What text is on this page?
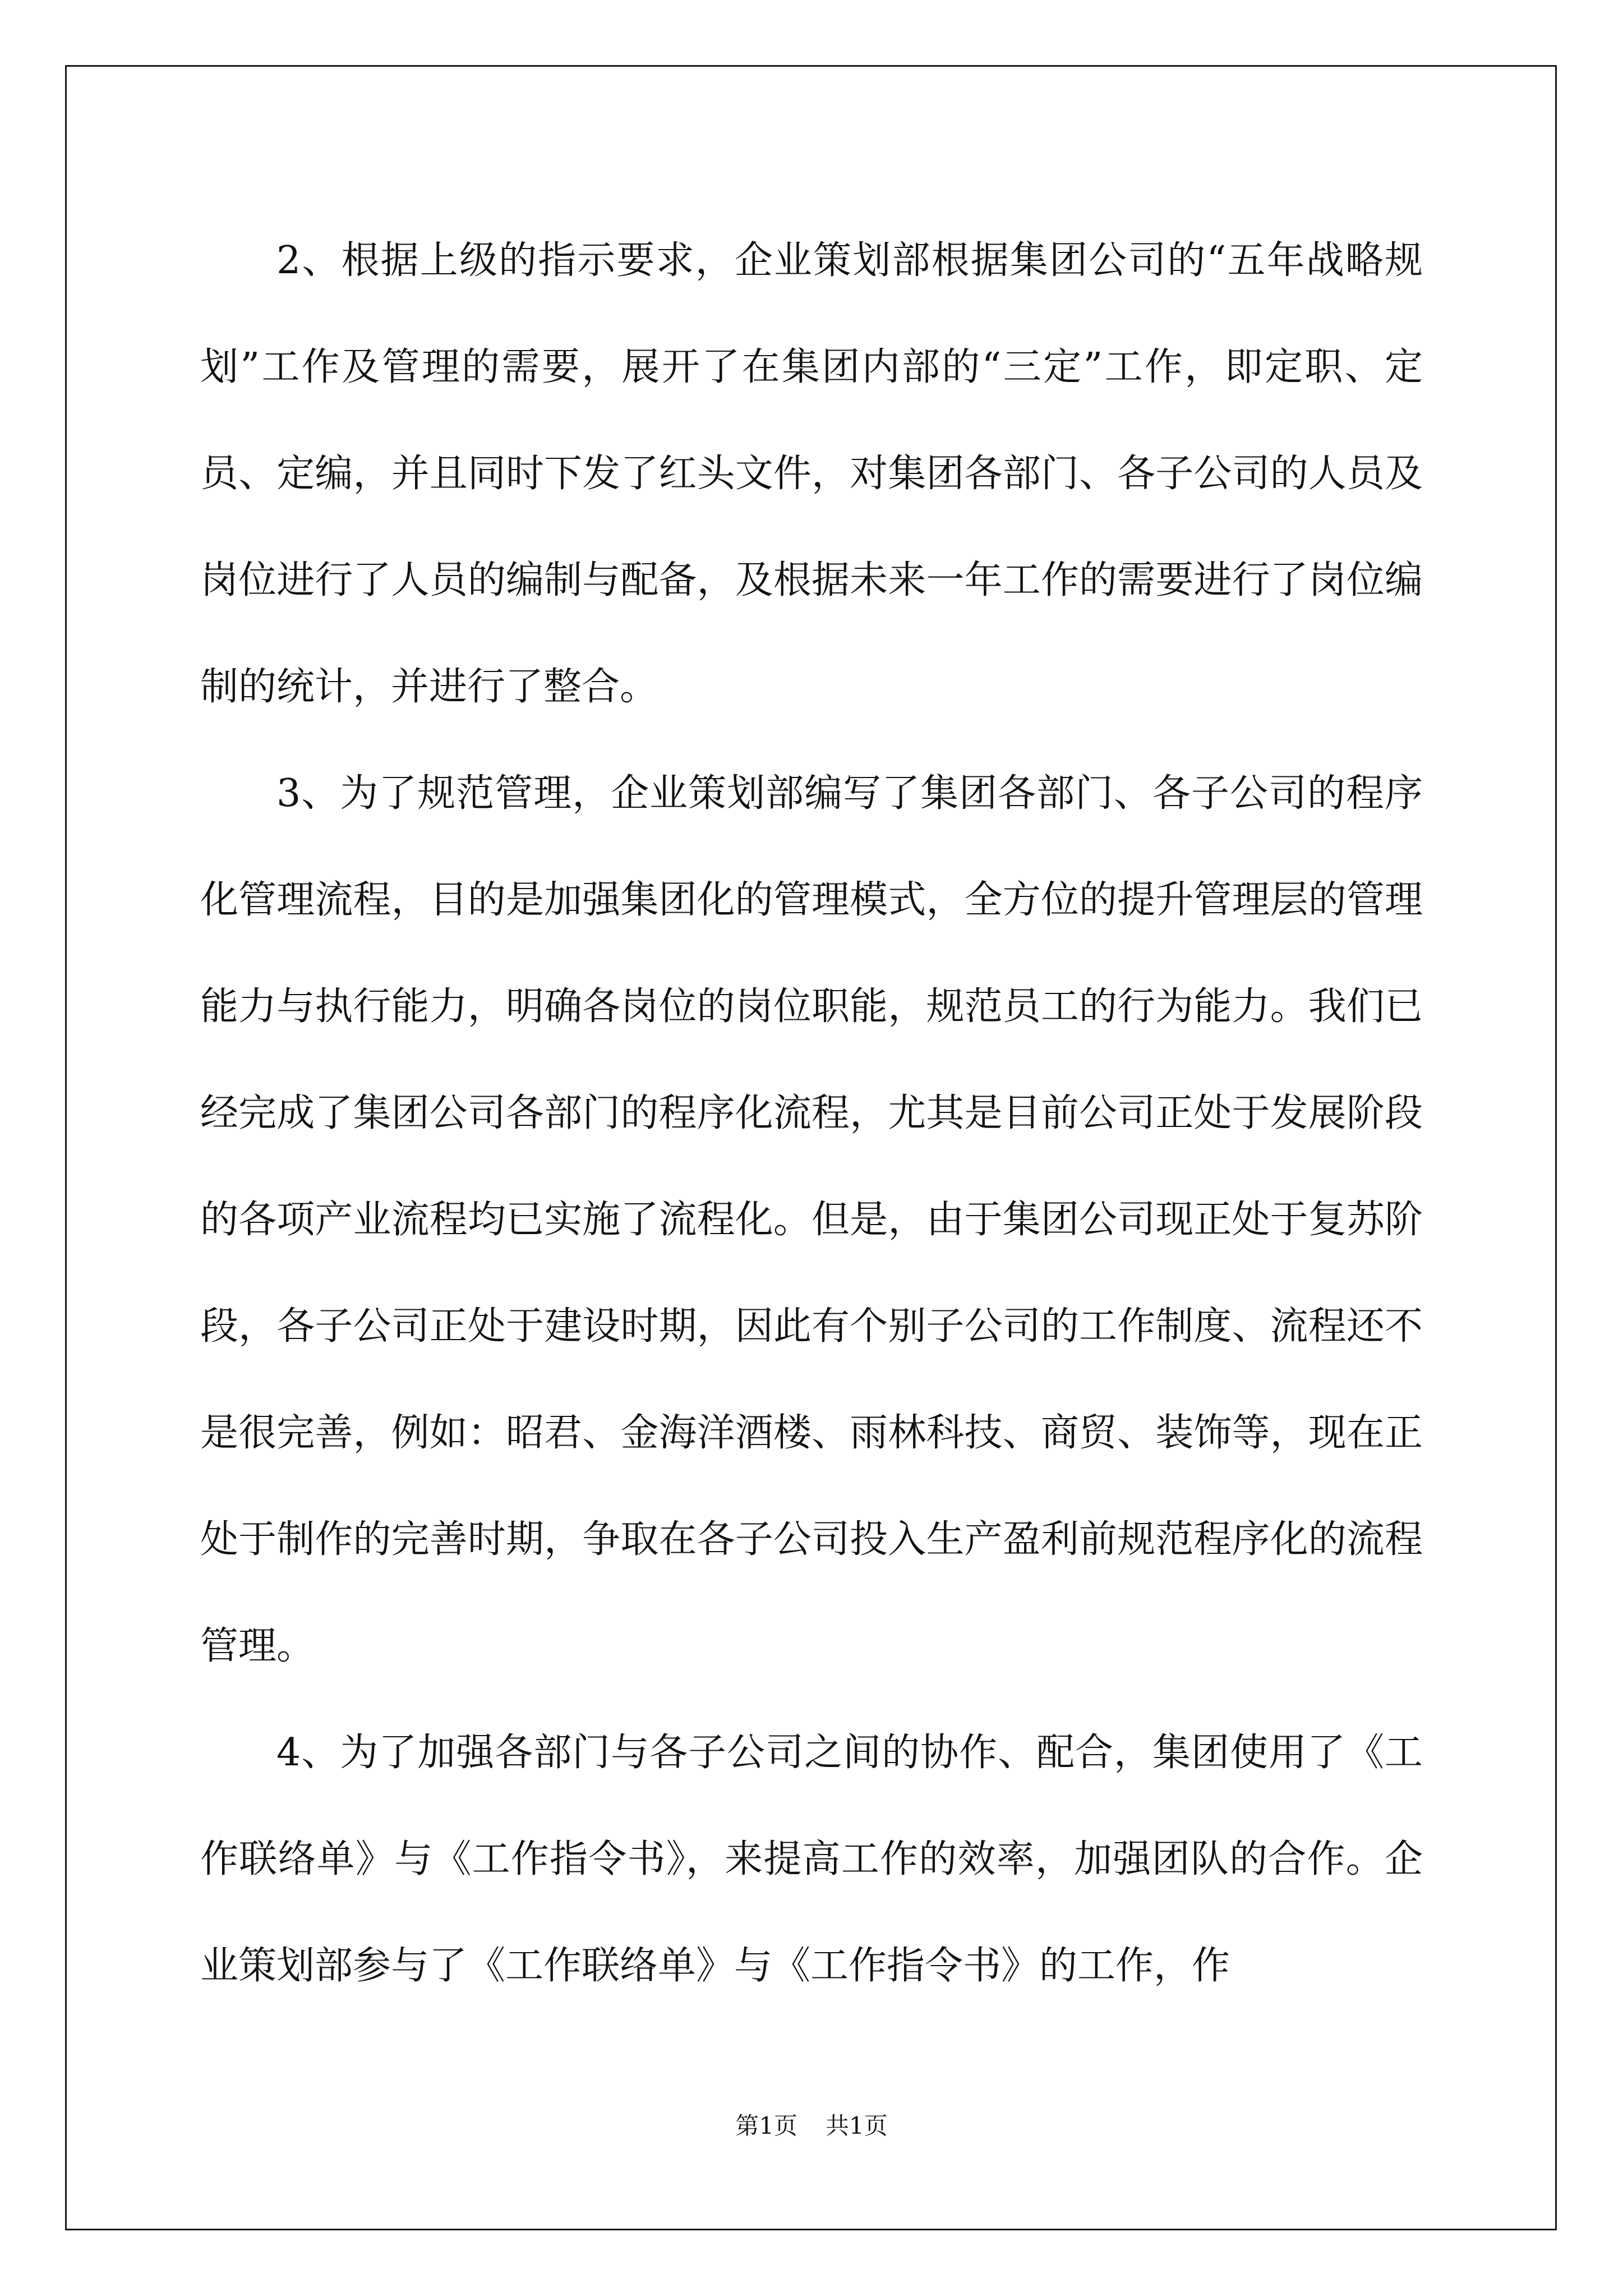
2、根据上级的指示要求，企业策划部根据集团公司的“五年战略规划”工作及管理的需要，展开了在集团内部的“三定”工作，即定职、定员、定编，并且同时下发了红头文件，对集团各部门、各子公司的人员及岗位进行了人员的编制与配备，及根据未来一年工作的需要进行了岗位编制的统计，并进行了整合。

3、为了规范管理，企业策划部编写了集团各部门、各子公司的程序化管理流程，目的是加强集团化的管理模式，全方位的提升管理层的管理能力与执行能力，明确各岗位的岗位职能，规范员工的行为能力。我们已经完成了集团公司各部门的程序化流程，尤其是目前公司正处于发展阶段的各项产业流程均已实施了流程化。但是，由于集团公司现正处于复苏阶段，各子公司正处于建设时期，因此有个别子公司的工作制度、流程还不是很完善，例如：昭君、金海洋酒楼、雨林科技、商贸、装饰等，现在正处于制作的完善时期，争取在各子公司投入生产盈利前规范程序化的流程管理。

4、为了加强各部门与各子公司之间的协作、配合，集团使用了《工作联络单》与《工作指令书》，来提高工作的效率，加强团队的合作。企业策划部参与了《工作联络单》与《工作指令书》的工作，作

第1页 共1页
